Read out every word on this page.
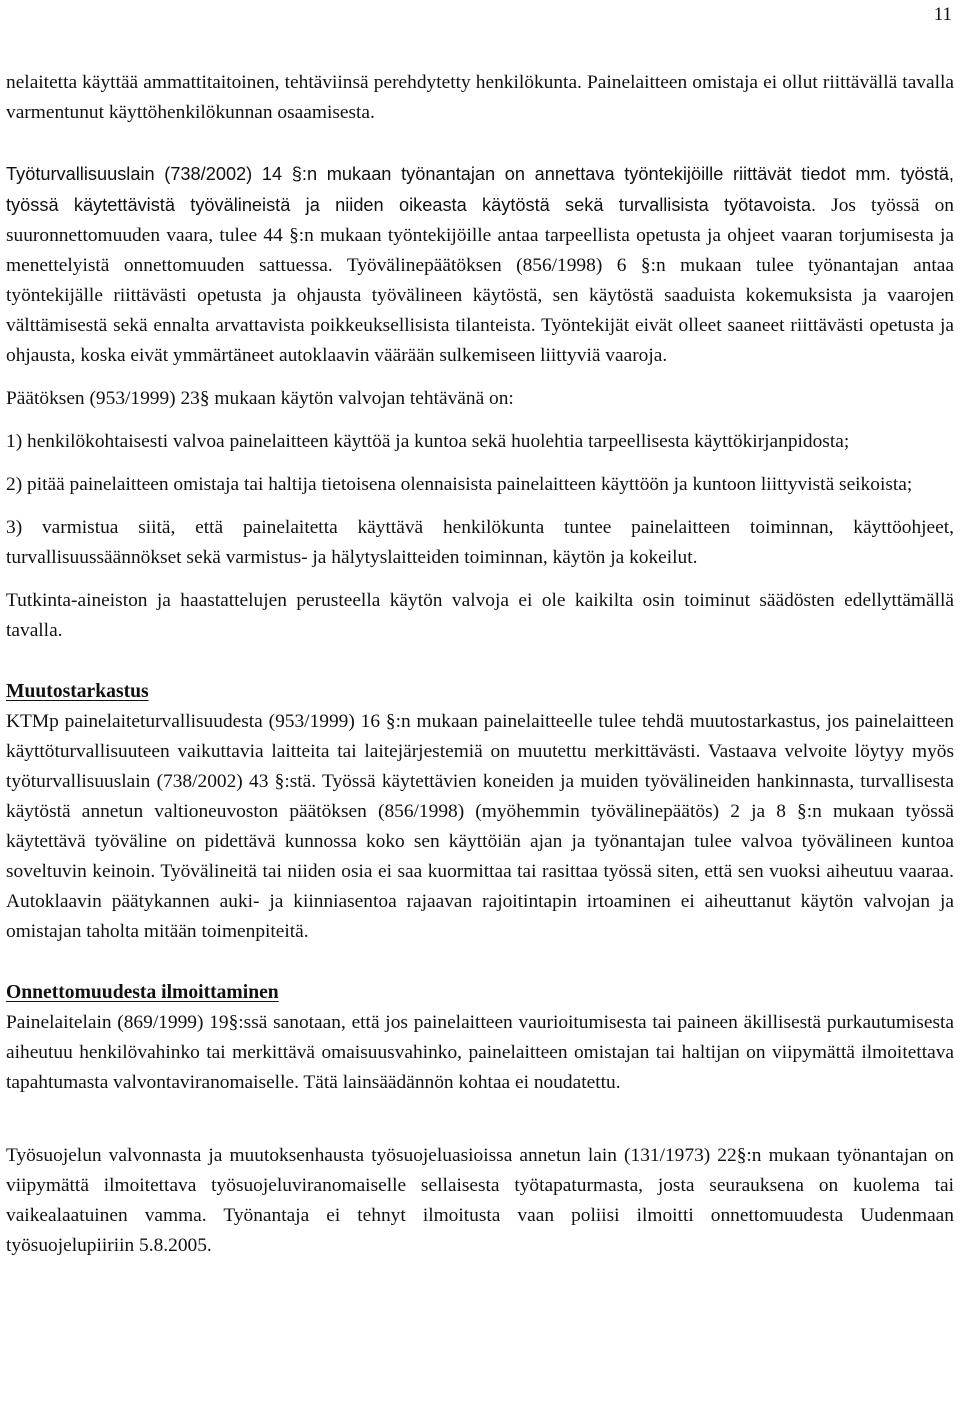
11

nelaitetta käyttää ammattitaitoinen, tehtäviinsä perehdytetty henkilökunta. Painelaitteen omistaja ei ollut riittävällä tavalla varmentunut käyttöhenkilökunnan osaamisesta.

Työturvallisuuslain (738/2002) 14 §:n mukaan työnantajan on annettava työntekijöille riittävät tiedot mm. työstä, työssä käytettävistä työvälineistä ja niiden oikeasta käytöstä sekä turvallisista työtavoista. Jos työssä on suuronnettomuuden vaara, tulee 44 §:n mukaan työntekijöille antaa tarpeellista opetusta ja ohjeet vaaran torjumisesta ja menettelyistä onnettomuuden sattuessa. Työvälinepäätöksen (856/1998) 6 §:n mukaan tulee työnantajan antaa työntekijälle riittävästi opetusta ja ohjausta työvälineen käytöstä, sen käytöstä saaduista kokemuksista ja vaarojen välttämisestä sekä ennalta arvattavista poikkeuksellisista tilanteista. Työntekijät eivät olleet saaneet riittävästi opetusta ja ohjausta, koska eivät ymmärtäneet autoklaavin väärään sulkemiseen liittyviä vaaroja.

Päätöksen (953/1999) 23§ mukaan käytön valvojan tehtävänä on:

1) henkilökohtaisesti valvoa painelaitteen käyttöä ja kuntoa sekä huolehtia tarpeellisesta käyttökirjanpidosta;

2) pitää painelaitteen omistaja tai haltija tietoisena olennaisista painelaitteen käyttöön ja kuntoon liittyvistä seikoista;

3) varmistua siitä, että painelaitetta käyttävä henkilökunta tuntee painelaitteen toiminnan, käyttöohjeet, turvallisuussäännökset sekä varmistus- ja hälytyslaitteiden toiminnan, käytön ja kokeilut.

Tutkinta-aineiston ja haastattelujen perusteella käytön valvoja ei ole kaikilta osin toiminut säädösten edellyttämällä tavalla.

Muutostarkastus

KTMp painelaiteturvallisuudesta (953/1999) 16 §:n mukaan painelaitteelle tulee tehdä muutostarkastus, jos painelaitteen käyttöturvallisuuteen vaikuttavia laitteita tai laitejärjestemiä on muutettu merkittävästi. Vastaava velvoite löytyy myös työturvallisuuslain (738/2002) 43 §:stä. Työssä käytettävien koneiden ja muiden työvälineiden hankinnasta, turvallisesta käytöstä annetun valtioneuvoston päätöksen (856/1998) (myöhemmin työvälinepäätös) 2 ja 8 §:n mukaan työssä käytettävä työväline on pidettävä kunnossa koko sen käyttöiän ajan ja työnantajan tulee valvoa työvälineen kuntoa soveltuvin keinoin. Työvälineitä tai niiden osia ei saa kuormittaa tai rasittaa työssä siten, että sen vuoksi aiheutuu vaaraa. Autoklaavin päätykannen auki- ja kiinniasentoa rajaavan rajoitintapin irtoaminen ei aiheuttanut käytön valvojan ja omistajan taholta mitään toimenpiteitä.

Onnettomuudesta ilmoittaminen

Painelaitelain (869/1999) 19§:ssä sanotaan, että jos painelaitteen vaurioitumisesta tai paineen äkillisestä purkautumisesta aiheutuu henkilövahinko tai merkittävä omaisuusvahinko, painelaitteen omistajan tai haltijan on viipymättä ilmoitettava tapahtumasta valvontaviranomaiselle. Tätä lainsäädännön kohtaa ei noudatettu.

Työsuojelun valvonnasta ja muutoksenhausta työsuojeluasioissa annetun lain (131/1973) 22§:n mukaan työnantajan on viipymättä ilmoitettava työsuojeluviranomaiselle sellaisesta työtapaturmasta, josta seurauksena on kuolema tai vaikealaatuinen vamma. Työnantaja ei tehnyt ilmoitusta vaan poliisi ilmoitti onnettomuudesta Uudenmaan työsuojelupiiriin 5.8.2005.
